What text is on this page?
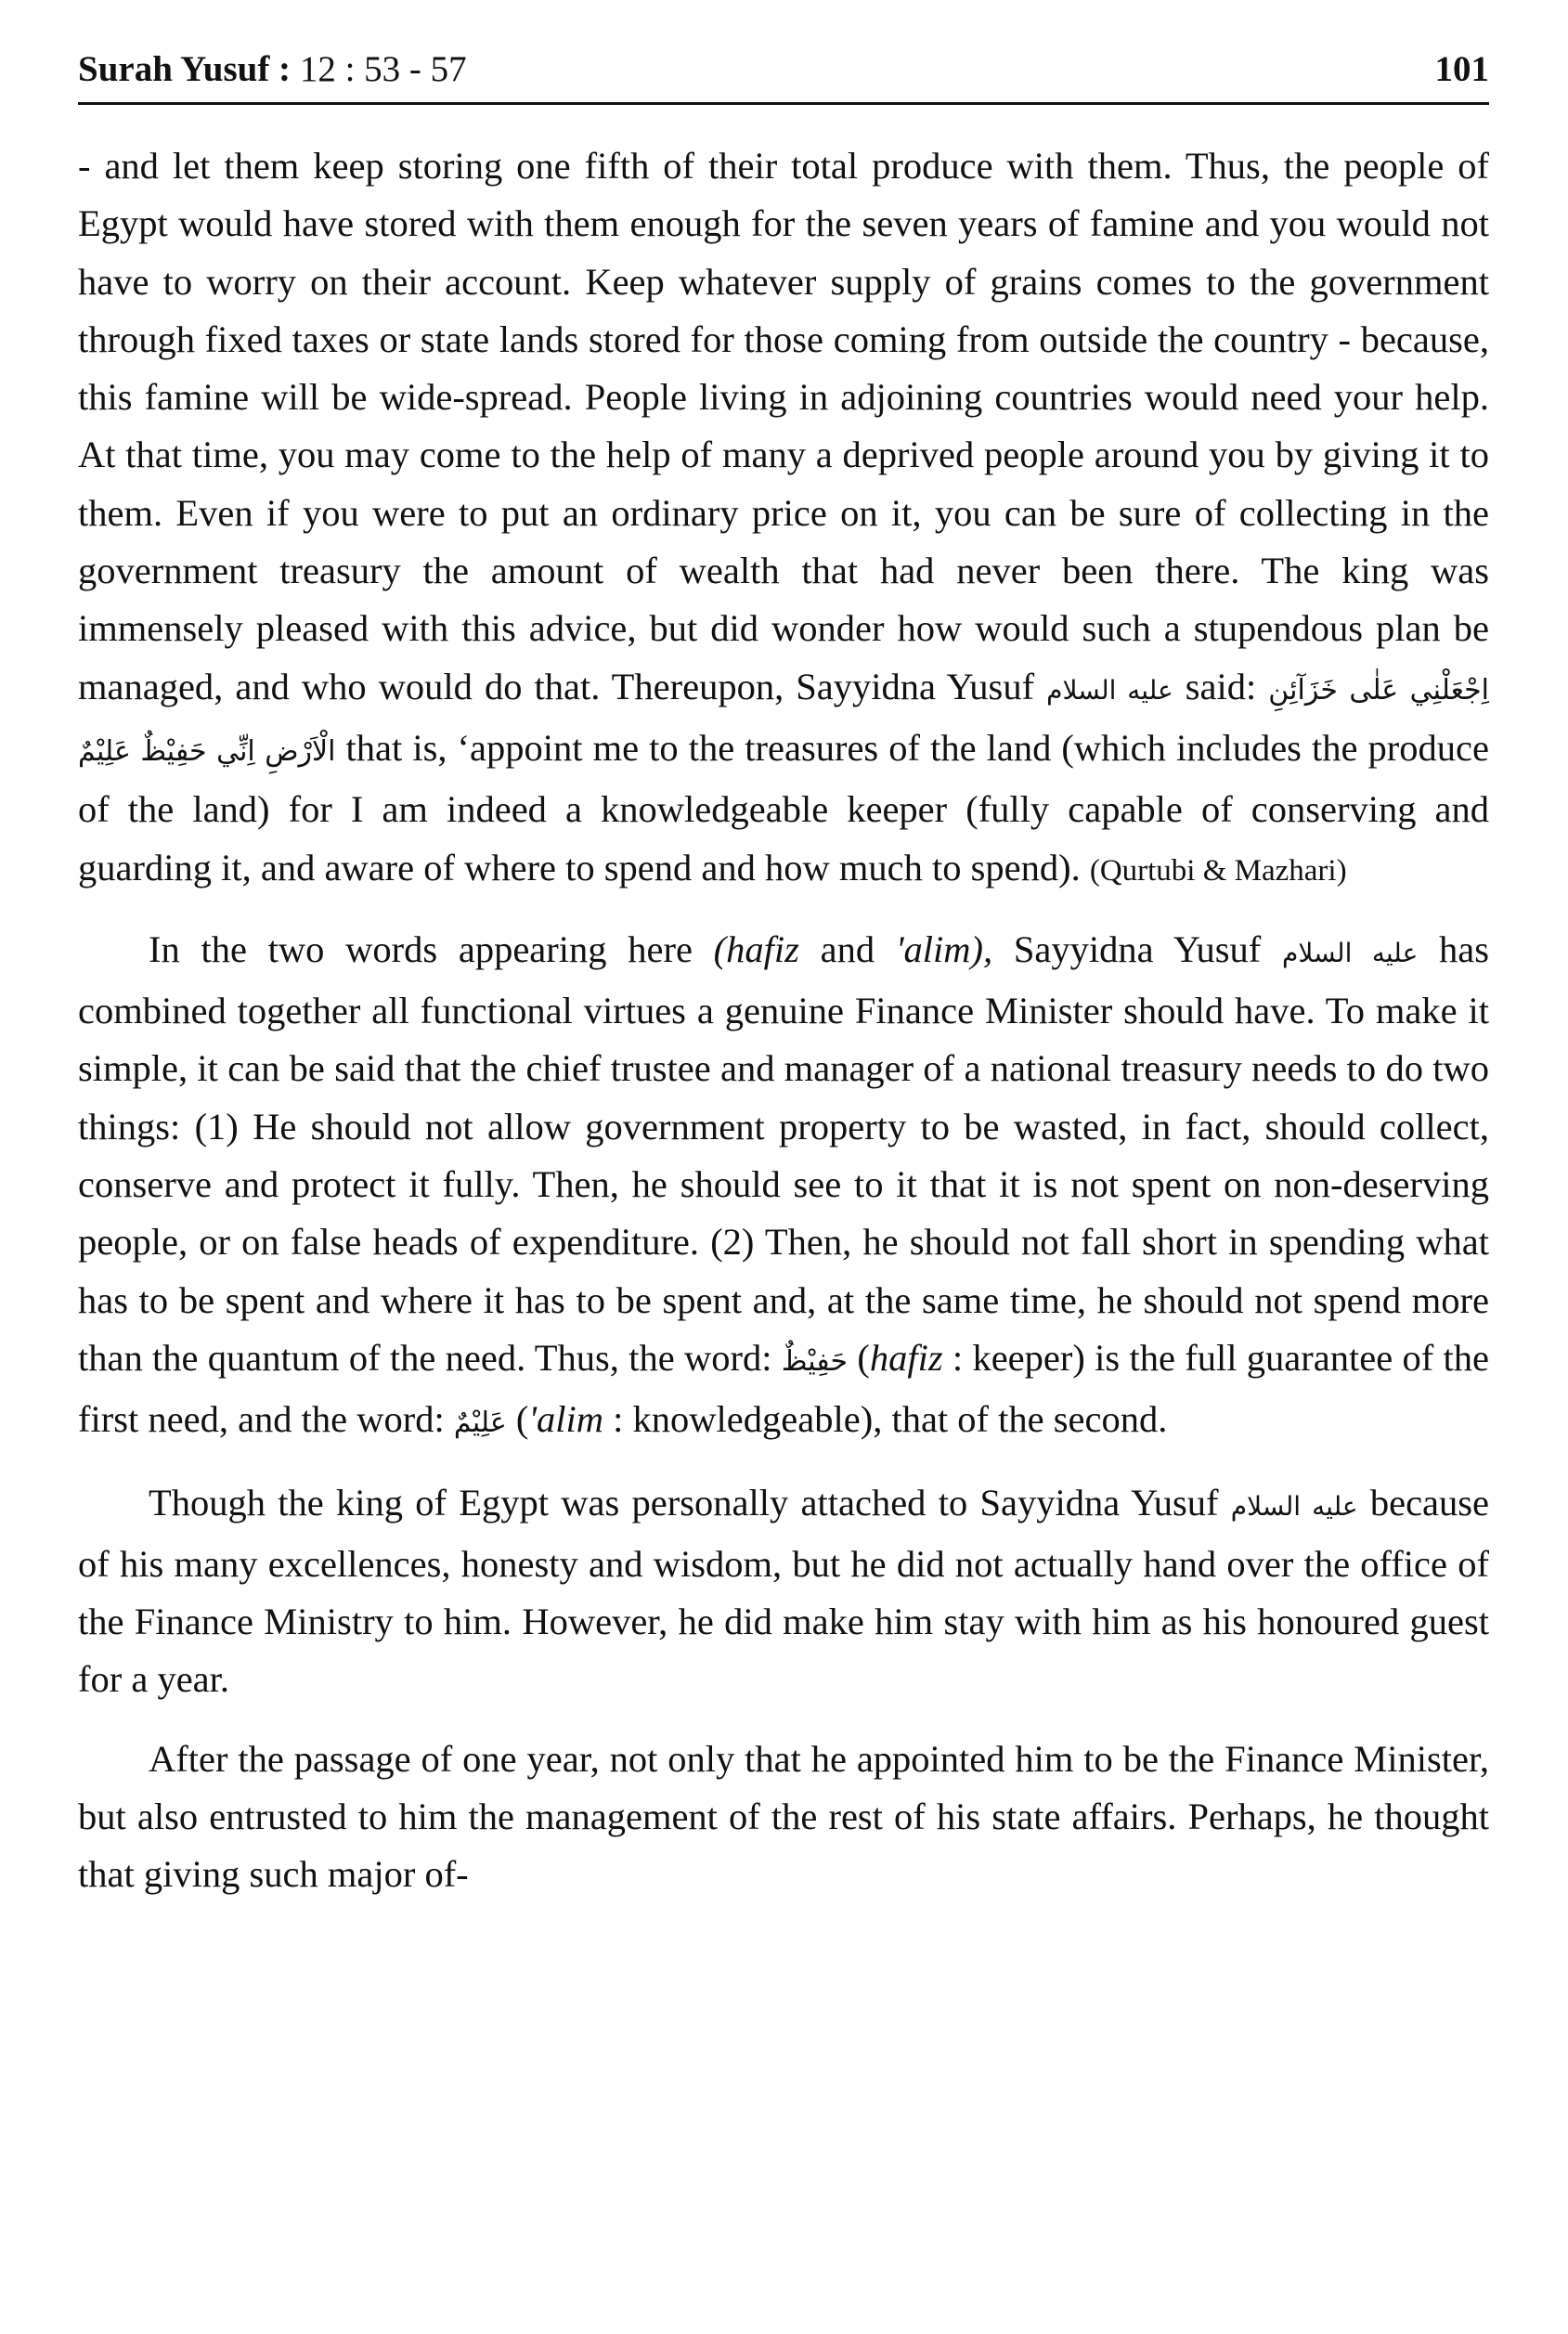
Surah Yusuf : 12 : 53 - 57	101

- and let them keep storing one fifth of their total produce with them. Thus, the people of Egypt would have stored with them enough for the seven years of famine and you would not have to worry on their account. Keep whatever supply of grains comes to the government through fixed taxes or state lands stored for those coming from outside the country - because, this famine will be wide-spread. People living in adjoining countries would need your help. At that time, you may come to the help of many a deprived people around you by giving it to them. Even if you were to put an ordinary price on it, you can be sure of collecting in the government treasury the amount of wealth that had never been there. The king was immensely pleased with this advice, but did wonder how would such a stupendous plan be managed, and who would do that. Thereupon, Sayyidna Yusuf عليه السلام said: اِجْعَلْنِي عَلٰى خَزَآئِنِ الْاَرْضِ اِنِّي حَفِيْظٌ عَلِيْمٌ that is, ‘appoint me to the treasures of the land (which includes the produce of the land) for I am indeed a knowledgeable keeper (fully capable of conserving and guarding it, and aware of where to spend and how much to spend). (Qurtubi & Mazhari)

In the two words appearing here (hafiz and 'alim), Sayyidna Yusuf عليه السلام has combined together all functional virtues a genuine Finance Minister should have. To make it simple, it can be said that the chief trustee and manager of a national treasury needs to do two things: (1) He should not allow government property to be wasted, in fact, should collect, conserve and protect it fully. Then, he should see to it that it is not spent on non-deserving people, or on false heads of expenditure. (2) Then, he should not fall short in spending what has to be spent and where it has to be spent and, at the same time, he should not spend more than the quantum of the need. Thus, the word: حَفِيْظٌ (hafiz : keeper) is the full guarantee of the first need, and the word: عَلِيْمٌ ('alim : knowledgeable), that of the second.

Though the king of Egypt was personally attached to Sayyidna Yusuf عليه السلام because of his many excellences, honesty and wisdom, but he did not actually hand over the office of the Finance Ministry to him. However, he did make him stay with him as his honoured guest for a year.

After the passage of one year, not only that he appointed him to be the Finance Minister, but also entrusted to him the management of the rest of his state affairs. Perhaps, he thought that giving such major of-
